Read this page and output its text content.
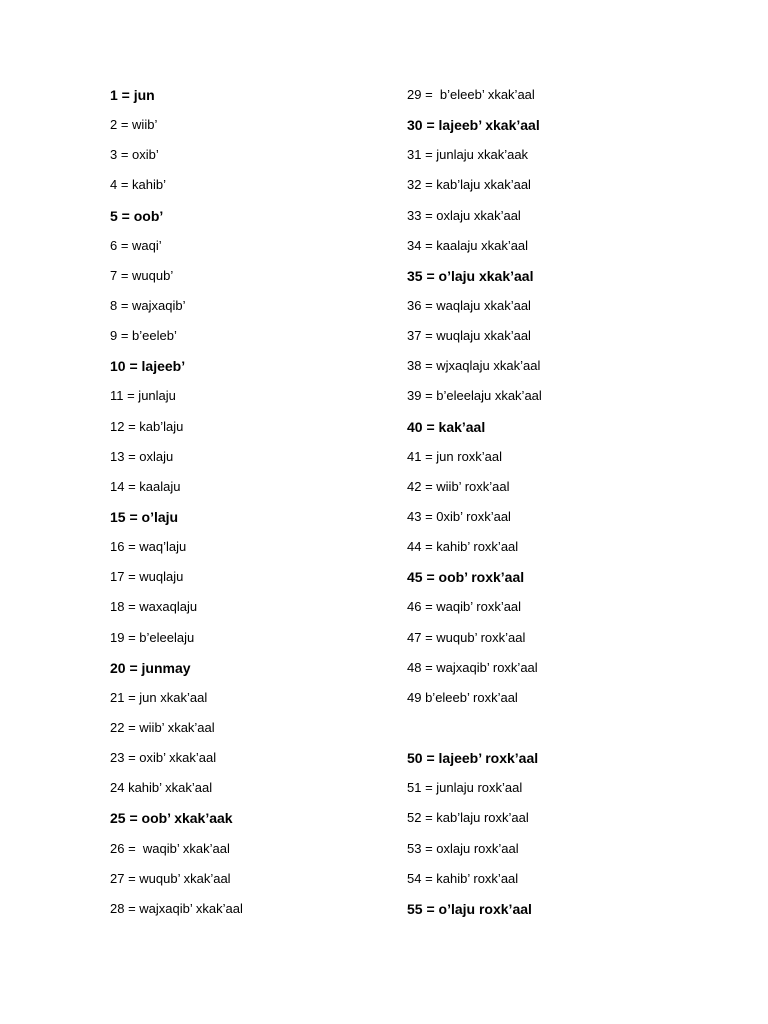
1 = jun
2 = wiib’
3 = oxib’
4 = kahib’
5 = oob’
6 = waqi’
7 = wuqub’
8 = wajxaqib’
9 = b’eeleb’
10 = lajeeb’
11 = junlaju
12 = kab’laju
13 = oxlaju
14 = kaalaju
15 = o’laju
16 = waq’laju
17 = wuqlaju
18 = waxaqlaju
19 = b’eleelaju
20 = junmay
21 = jun xkak’aal
22 = wiib’ xkak’aal
23 = oxib’ xkak’aal
24 kahib’ xkak’aal
25 = oob’ xkak’aak
26 =  waqib’ xkak’aal
27 = wuqub’ xkak’aal
28 = wajxaqib’ xkak’aal
29 =  b’eleeb’ xkak’aal
30 = lajeeb’ xkak’aal
31 = junlaju xkak’aak
32 = kab’laju xkak’aal
33 = oxlaju xkak’aal
34 = kaalaju xkak’aal
35 = o’laju xkak’aal
36 = waqlaju xkak’aal
37 = wuqlaju xkak’aal
38 = wjxaqlaju xkak’aal
39 = b’eleelaju xkak’aal
40 = kak’aal
41 = jun roxk’aal
42 = wiib’ roxk’aal
43 = 0xib’ roxk’aal
44 = kahib’ roxk’aal
45 = oob’ roxk’aal
46 = waqib’ roxk’aal
47 = wuqub’ roxk’aal
48 = wajxaqib’ roxk’aal
49 b’eleeb’ roxk’aal
50 = lajeeb’ roxk’aal
51 = junlaju roxk’aal
52 = kab’laju roxk’aal
53 = oxlaju roxk’aal
54 = kahib’ roxk’aal
55 = o’laju roxk’aal
